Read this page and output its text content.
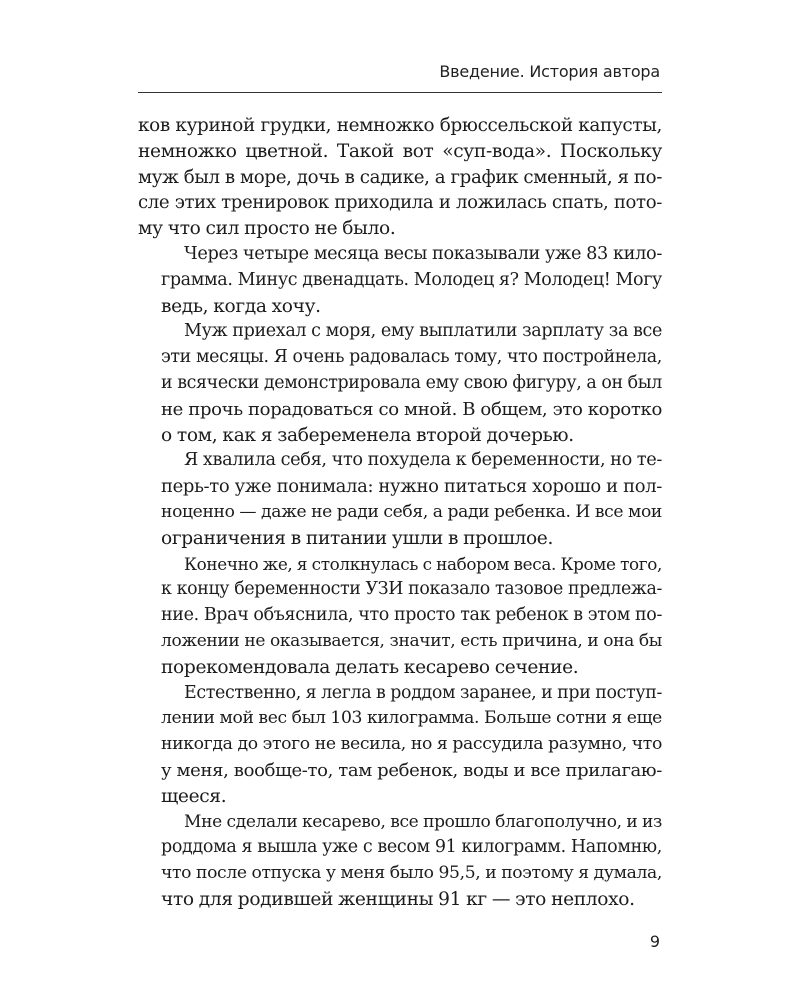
Введение. История автора
ков куриной грудки, немножко брюссельской капусты,
немножко цветной. Такой вот «суп-вода». Поскольку
муж был в море, дочь в садике, а график сменный, я по-
сле этих тренировок приходила и ложилась спать, пото-
му что сил просто не было.
Через четыре месяца весы показывали уже 83 кило-
грамма. Минус двенадцать. Молодец я? Молодец! Могу
ведь, когда хочу.
Муж приехал с моря, ему выплатили зарплату за все
эти месяцы. Я очень радовалась тому, что постройнела,
и всячески демонстрировала ему свою фигуру, а он был
не прочь порадоваться со мной. В общем, это коротко
о том, как я забеременела второй дочерью.
Я хвалила себя, что похудела к беременности, но те-
перь-то уже понимала: нужно питаться хорошо и пол-
ноценно — даже не ради себя, а ради ребенка. И все мои
ограничения в питании ушли в прошлое.
Конечно же, я столкнулась с набором веса. Кроме того,
к концу беременности УЗИ показало тазовое предлежа-
ние. Врач объяснила, что просто так ребенок в этом по-
ложении не оказывается, значит, есть причина, и она бы
порекомендовала делать кесарево сечение.
Естественно, я легла в роддом заранее, и при поступ-
лении мой вес был 103 килограмма. Больше сотни я еще
никогда до этого не весила, но я рассудила разумно, что
у меня, вообще-то, там ребенок, воды и все прилагаю-
щееся.
Мне сделали кесарево, все прошло благополучно, и из
роддома я вышла уже с весом 91 килограмм. Напомню,
что после отпуска у меня было 95,5, и поэтому я думала,
что для родившей женщины 91 кг — это неплохо.
9
